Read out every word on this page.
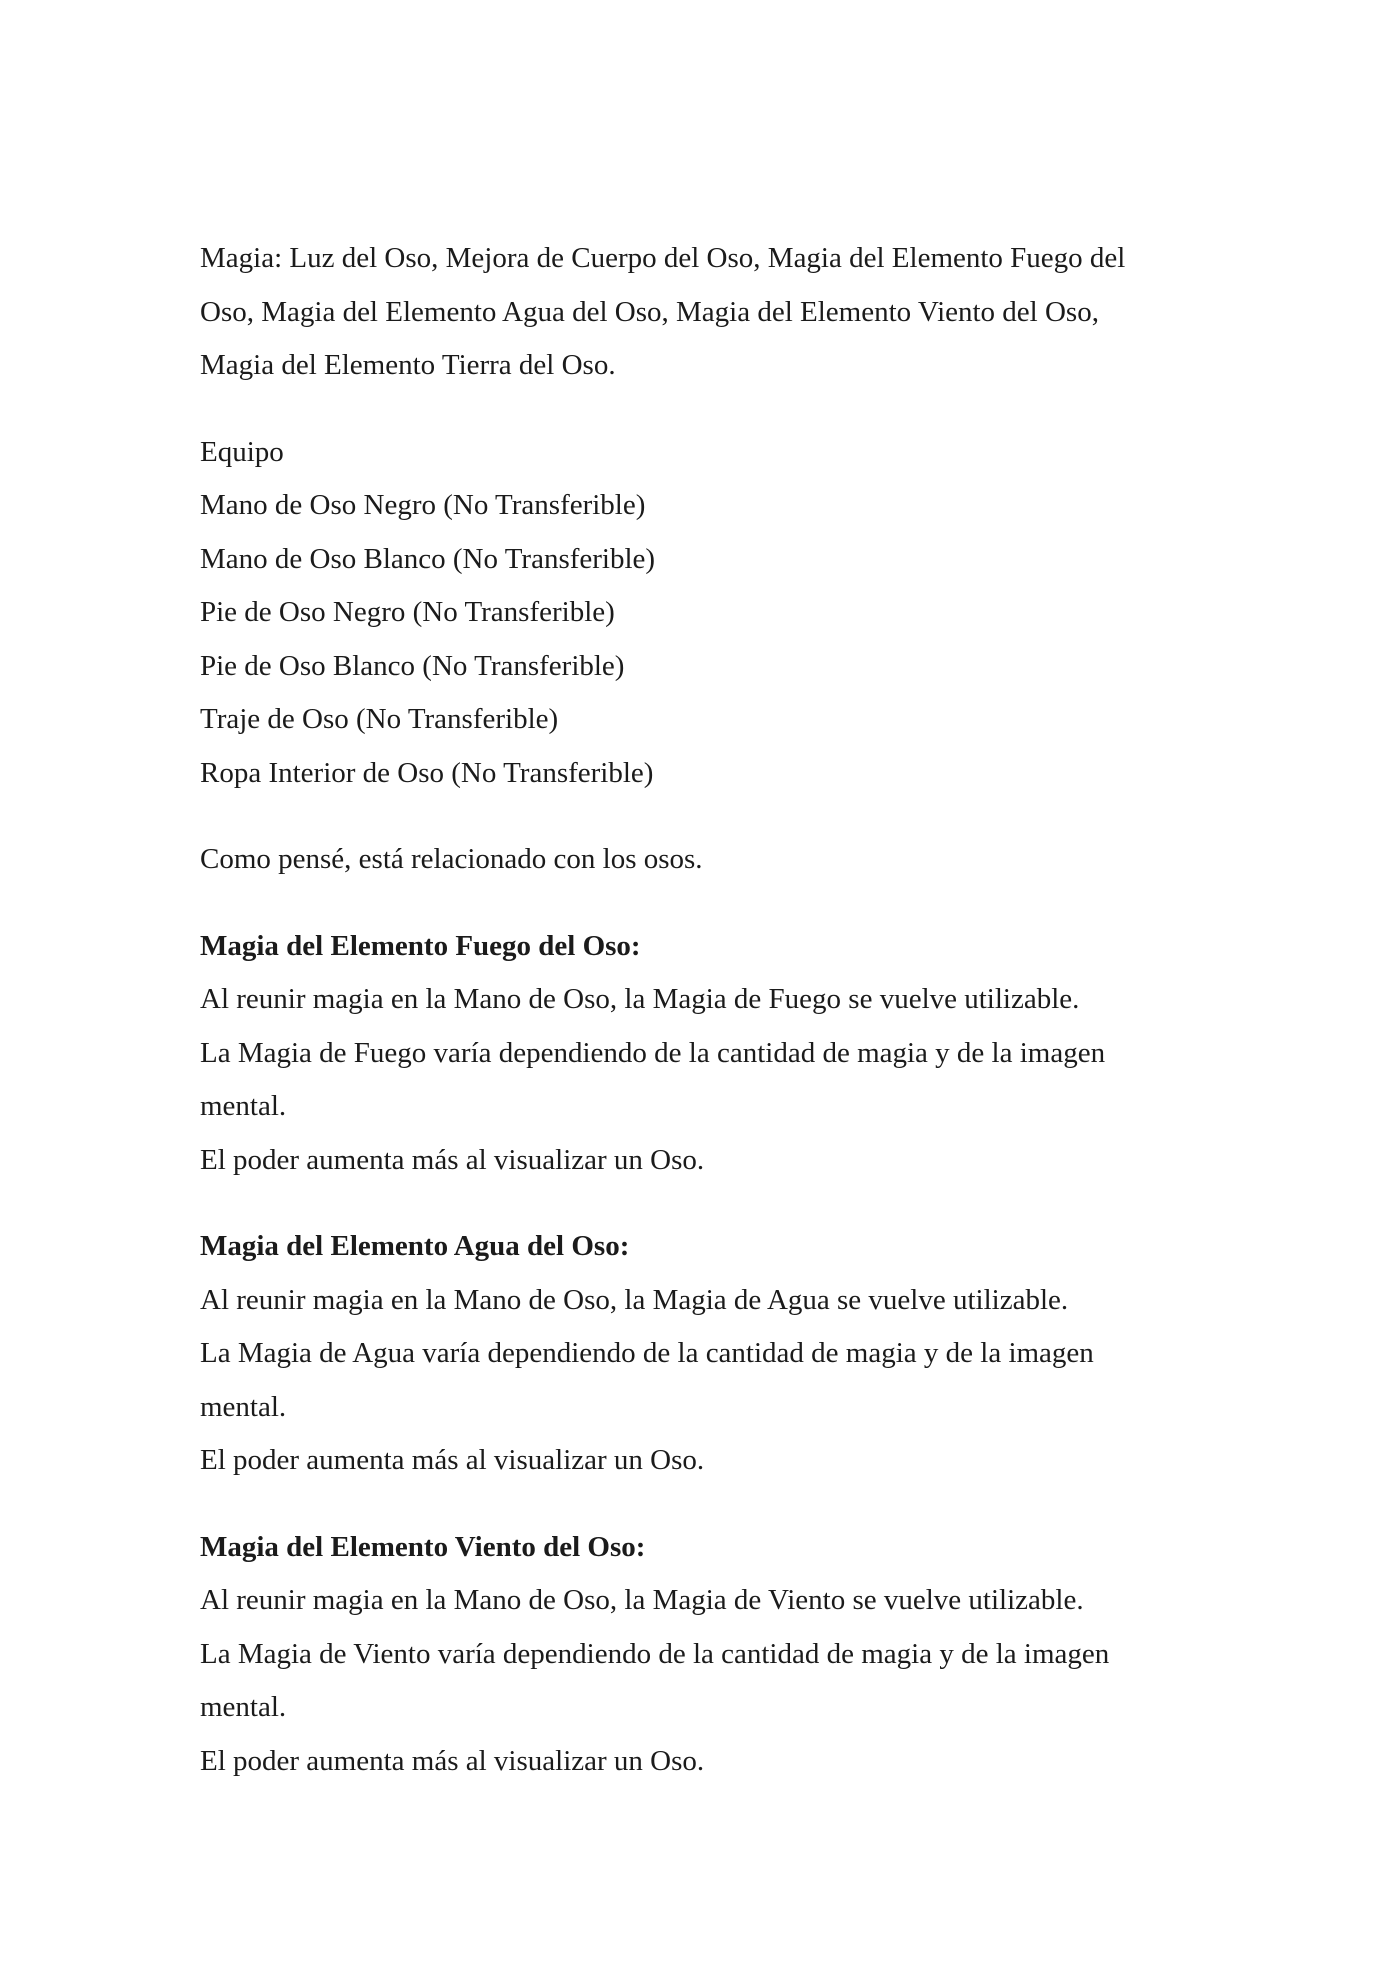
Magia: Luz del Oso, Mejora de Cuerpo del Oso, Magia del Elemento Fuego del
Oso, Magia del Elemento Agua del Oso, Magia del Elemento Viento del Oso,
Magia del Elemento Tierra del Oso.

Equipo
Mano de Oso Negro (No Transferible)
Mano de Oso Blanco (No Transferible)
Pie de Oso Negro (No Transferible)
Pie de Oso Blanco (No Transferible)
Traje de Oso (No Transferible)
Ropa Interior de Oso (No Transferible)

Como pensé, está relacionado con los osos.

Magia del Elemento Fuego del Oso:
Al reunir magia en la Mano de Oso, la Magia de Fuego se vuelve utilizable.
La Magia de Fuego varía dependiendo de la cantidad de magia y de la imagen
mental.
El poder aumenta más al visualizar un Oso.
Magia del Elemento Agua del Oso:
Al reunir magia en la Mano de Oso, la Magia de Agua se vuelve utilizable.
La Magia de Agua varía dependiendo de la cantidad de magia y de la imagen
mental.
El poder aumenta más al visualizar un Oso.
Magia del Elemento Viento del Oso:
Al reunir magia en la Mano de Oso, la Magia de Viento se vuelve utilizable.
La Magia de Viento varía dependiendo de la cantidad de magia y de la imagen
mental.
El poder aumenta más al visualizar un Oso.
